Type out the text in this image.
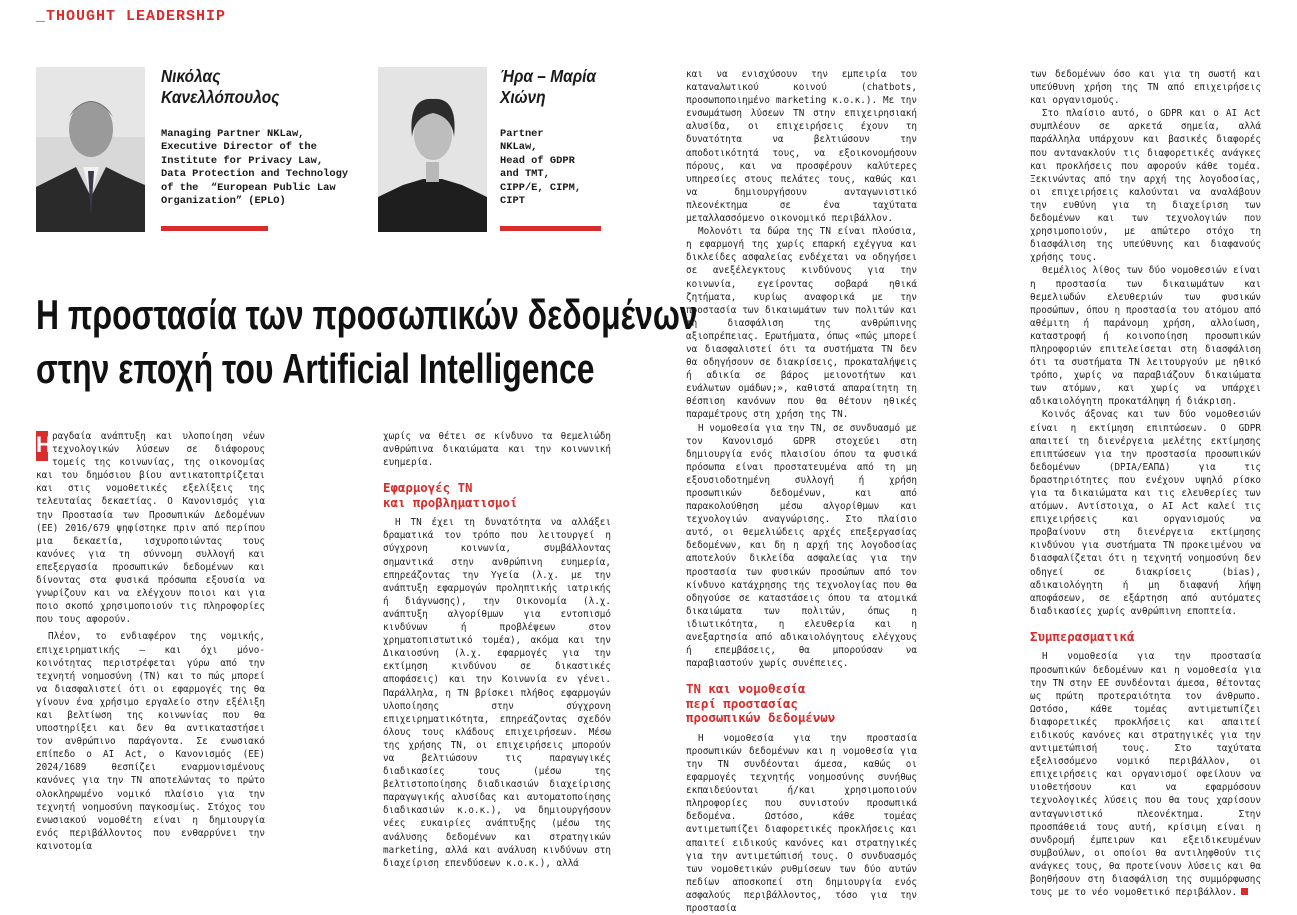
_THOUGHT LEADERSHIP
Νικόλας
Κανελλόπουλος
Managing Partner NKLaw,
Executive Director of the
Institute for Privacy Law,
Data Protection and Technology
of the  “European Public Law
Organization” (EPLO)
Ήρα – Μαρία
Χιώνη
Partner
NKLaw,
Head of GDPR
and TMT,
CIPP/E, CIPM,
CIPT
Η προστασία των προσωπικών δεδομένων
στην εποχή του Artificial Intelligence

Η ραγδαία ανάπτυξη και υλοποίηση νέων τεχνολογικών λύσεων σε διάφορους τομείς της κοινωνίας, της οικονομίας και του δημόσιου βίου αντικατοπτρίζεται και στις νομοθετικές εξελίξεις της τελευταίας δεκαετίας. Ο Κανονισμός για την Προστασία των Προσωπικών Δεδομένων (ΕΕ) 2016/679 ψηφίστηκε πριν από περίπου μια δεκαετία, ισχυροποιώντας τους κανόνες για τη σύννομη συλλογή και επεξεργασία προσωπικών δεδομένων και δίνοντας στα φυσικά πρόσωπα εξουσία να γνωρίζουν και να ελέγχουν ποιοι και για ποιο σκοπό χρησιμοποιούν τις πληροφορίες που τους αφορούν.

Πλέον, το ενδιαφέρον της νομικής, επιχειρηματικής – και όχι μόνο- κοινότητας περιστρέφεται γύρω από την τεχνητή νοημοσύνη (ΤΝ) και το πώς μπορεί να διασφαλιστεί ότι οι εφαρμογές της θα γίνουν ένα χρήσιμο εργαλείο στην εξέλιξη και βελτίωση της κοινωνίας που θα υποστηρίξει και δεν θα αντικαταστήσει τον ανθρώπινο παράγοντα. Σε ενωσιακό επίπεδο ο AI Act, ο Κανονισμός (ΕΕ) 2024/1689 θεσπίζει εναρμονισμένους κανόνες για την ΤΝ αποτελώντας το πρώτο ολοκληρωμένο νομικό πλαίσιο για την τεχνητή νοημοσύνη παγκοσμίως. Στόχος του ενωσιακού νομοθέτη είναι η δημιουργία ενός περιβάλλοντος που ενθαρρύνει την καινοτομία

χωρίς να θέτει σε κίνδυνο τα θεμελιώδη ανθρώπινα δικαιώματα και την κοινωνική ευημερία.

Εφαρμογές ΤΝ
και προβληματισμοί

Η ΤΝ έχει τη δυνατότητα να αλλάξει δραματικά τον τρόπο που λειτουργεί η σύγχρονη κοινωνία, συμβάλλοντας σημαντικά στην ανθρώπινη ευημερία, επηρεάζοντας την Υγεία (λ.χ. με την ανάπτυξη εφαρμογών προληπτικής ιατρικής ή διάγνωσης), την Οικονομία (λ.χ. ανάπτυξη αλγορίθμων για εντοπισμό κινδύνων ή προβλέψεων στον χρηματοπιστωτικό τομέα), ακόμα και την Δικαιοσύνη (λ.χ. εφαρμογές για την εκτίμηση κινδύνου σε δικαστικές αποφάσεις) και την Κοινωνία εν γένει. Παράλληλα, η ΤΝ βρίσκει πλήθος εφαρμογών υλοποίησης στην σύγχρονη επιχειρηματικότητα, επηρεάζοντας σχεδόν όλους τους κλάδους επιχειρήσεων. Μέσω της χρήσης ΤΝ, οι επιχειρήσεις μπορούν να βελτιώσουν τις παραγωγικές διαδικασίες τους (μέσω της βελτιστοποίησης διαδικασιών διαχείρισης παραγωγικής αλυσίδας και αυτοματοποίησης διαδικασιών κ.ο.κ.), να δημιουργήσουν νέες ευκαιρίες ανάπτυξης (μέσω της ανάλυσης δεδομένων και στρατηγικών marketing, αλλά και ανάλυση κινδύνων στη διαχείριση επενδύσεων κ.ο.κ.), αλλά

και να ενισχύσουν την εμπειρία του καταναλωτικού κοινού (chatbots, προσωποποιημένο marketing κ.ο.κ.). Με την ενσωμάτωση λύσεων ΤΝ στην επιχειρησιακή αλυσίδα, οι επιχειρήσεις έχουν τη δυνατότητα να βελτιώσουν την αποδοτικότητά τους, να εξοικονομήσουν πόρους, και να προσφέρουν καλύτερες υπηρεσίες στους πελάτες τους, καθώς και να δημιουργήσουν ανταγωνιστικό πλεονέκτημα σε ένα ταχύτατα μεταλλασσόμενο οικονομικό περιβάλλον.

Μολονότι τα δώρα της ΤΝ είναι πλούσια, η εφαρμογή της χωρίς επαρκή εχέγγυα και δικλείδες ασφαλείας ενδέχεται να οδηγήσει σε ανεξέλεγκτους κινδύνους για την κοινωνία, εγείροντας σοβαρά ηθικά ζητήματα, κυρίως αναφορικά με την προστασία των δικαιωμάτων των πολιτών και τη διασφάλιση της ανθρώπινης αξιοπρέπειας. Ερωτήματα, όπως «πώς μπορεί να διασφαλιστεί ότι τα συστήματα ΤΝ δεν θα οδηγήσουν σε διακρίσεις, προκαταλήψεις ή αδικία σε βάρος μειονοτήτων και ευάλωτων ομάδων;», καθιστά απαραίτητη τη θέσπιση κανόνων που θα θέτουν ηθικές παραμέτρους στη χρήση της ΤΝ.

Η νομοθεσία για την ΤΝ, σε συνδυασμό με τον Κανονισμό GDPR στοχεύει στη δημιουργία ενός πλαισίου όπου τα φυσικά πρόσωπα είναι προστατευμένα από τη μη εξουσιοδοτημένη συλλογή ή χρήση προσωπικών δεδομένων, και από παρακολούθηση μέσω αλγορίθμων και τεχνολογιών αναγνώρισης. Στο πλαίσιο αυτό, οι θεμελιώδεις αρχές επεξεργασίας δεδομένων, και δη η αρχή της λογοδοσίας αποτελούν δικλείδα ασφαλείας για την προστασία των φυσικών προσώπων από τον κίνδυνο κατάχρησης της τεχνολογίας που θα οδηγούσε σε καταστάσεις όπου τα ατομικά δικαιώματα των πολιτών, όπως η ιδιωτικότητα, η ελευθερία και η ανεξαρτησία από αδικαιολόγητους ελέγχους ή επεμβάσεις, θα μπορούσαν να παραβιαστούν χωρίς συνέπειες.

ΤΝ και νομοθεσία
περί προστασίας
προσωπικών δεδομένων

Η νομοθεσία για την προστασία προσωπικών δεδομένων και η νομοθεσία για την ΤΝ συνδέονται άμεσα, καθώς οι εφαρμογές τεχνητής νοημοσύνης συνήθως εκπαιδεύονται ή/και χρησιμοποιούν πληροφορίες που συνιστούν προσωπικά δεδομένα. Ωστόσο, κάθε τομέας αντιμετωπίζει διαφορετικές προκλήσεις και απαιτεί ειδικούς κανόνες και στρατηγικές για την αντιμετώπισή τους. Ο συνδυασμός των νομοθετικών ρυθμίσεων των δύο αυτών πεδίων αποσκοπεί στη δημιουργία ενός ασφαλούς περιβάλλοντος, τόσο για την προστασία

των δεδομένων όσο και για τη σωστή και υπεύθυνη χρήση της ΤΝ από επιχειρήσεις και οργανισμούς.

Στο πλαίσιο αυτό, ο GDPR και ο AI Act συμπλέουν σε αρκετά σημεία, αλλά παράλληλα υπάρχουν και βασικές διαφορές που αντανακλούν τις διαφορετικές ανάγκες και προκλήσεις που αφορούν κάθε τομέα. Ξεκινώντας από την αρχή της λογοδοσίας, οι επιχειρήσεις καλούνται να αναλάβουν την ευθύνη για τη διαχείριση των δεδομένων και των τεχνολογιών που χρησιμοποιούν, με απώτερο στόχο τη διασφάλιση της υπεύθυνης και διαφανούς χρήσης τους.

Θεμέλιος λίθος των δύο νομοθεσιών είναι η προστασία των δικαιωμάτων και θεμελιωδών ελευθεριών των φυσικών προσώπων, όπου η προστασία του ατόμου από αθέμιτη ή παράνομη χρήση, αλλοίωση, καταστροφή ή κοινοποίηση προσωπικών πληροφοριών επιτελείσεται στη διασφάλιση ότι τα συστήματα ΤΝ λειτουργούν με ηθικό τρόπο, χωρίς να παραβιάζουν δικαιώματα των ατόμων, και χωρίς να υπάρχει αδικαιολόγητη προκατάληψη ή διάκριση.

Κοινός άξονας και των δύο νομοθεσιών είναι η εκτίμηση επιπτώσεων. Ο GDPR απαιτεί τη διενέργεια μελέτης εκτίμησης επιπτώσεων για την προστασία προσωπικών δεδομένων (DPIA/ΕΑΠΔ) για τις δραστηριότητες που ενέχουν υψηλό ρίσκο για τα δικαιώματα και τις ελευθερίες των ατόμων. Αντίστοιχα, ο AI Act καλεί τις επιχειρήσεις και οργανισμούς να προβαίνουν στη διενέργεια εκτίμησης κινδύνου για συστήματα ΤΝ προκειμένου να διασφαλίζεται ότι η τεχνητή νοημοσύνη δεν οδηγεί σε διακρίσεις (bias), αδικαιολόγητη ή μη διαφανή λήψη αποφάσεων, σε εξάρτηση από αυτόματες διαδικασίες χωρίς ανθρώπινη εποπτεία.

Συμπερασματικά

Η νομοθεσία για την προστασία προσωπικών δεδομένων και η νομοθεσία για την ΤΝ στην ΕΕ συνδέονται άμεσα, θέτοντας ως πρώτη προτεραιότητα τον άνθρωπο. Ωστόσο, κάθε τομέας αντιμετωπίζει διαφορετικές προκλήσεις και απαιτεί ειδικούς κανόνες και στρατηγικές για την αντιμετώπισή τους. Στο ταχύτατα εξελισσόμενο νομικό περιβάλλον, οι επιχειρήσεις και οργανισμοί οφείλουν να υιοθετήσουν και να εφαρμόσουν τεχνολογικές λύσεις που θα τους χαρίσουν ανταγωνιστικό πλεονέκτημα. Στην προσπάθειά τους αυτή, κρίσιμη είναι η συνδρομή έμπειρων και εξειδικευμένων συμβούλων, οι οποίοι θα αντιληφθούν τις ανάγκες τους, θα προτείνουν λύσεις και θα βοηθήσουν στη διασφάλιση της συμμόρφωσης τους με το νέο νομοθετικό περιβάλλον.
